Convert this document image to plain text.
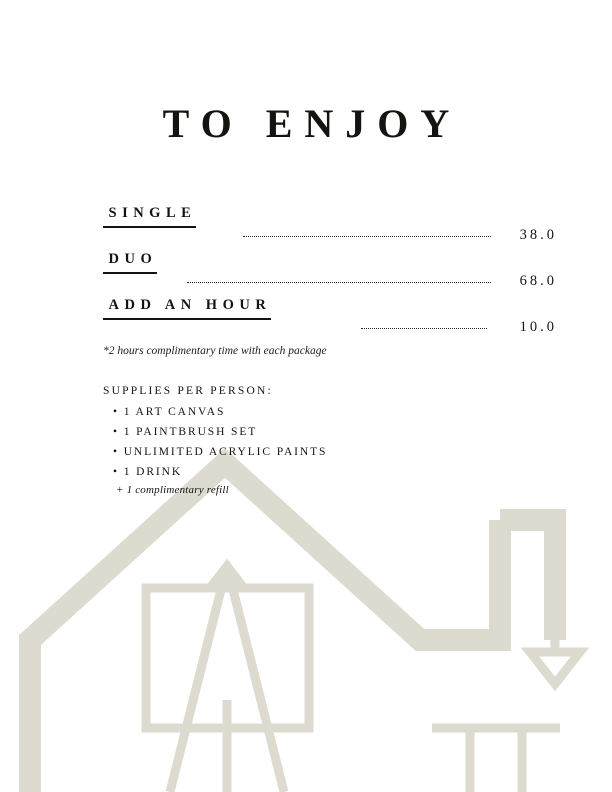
TO ENJOY
SINGLE
38.0
DUO
68.0
ADD AN HOUR
10.0
*2 hours complimentary time with each package
SUPPLIES PER PERSON:
• 1 ART CANVAS
• 1 PAINTBRUSH SET
• UNLIMITED ACRYLIC PAINTS
• 1 DRINK
+ 1 complimentary refill
